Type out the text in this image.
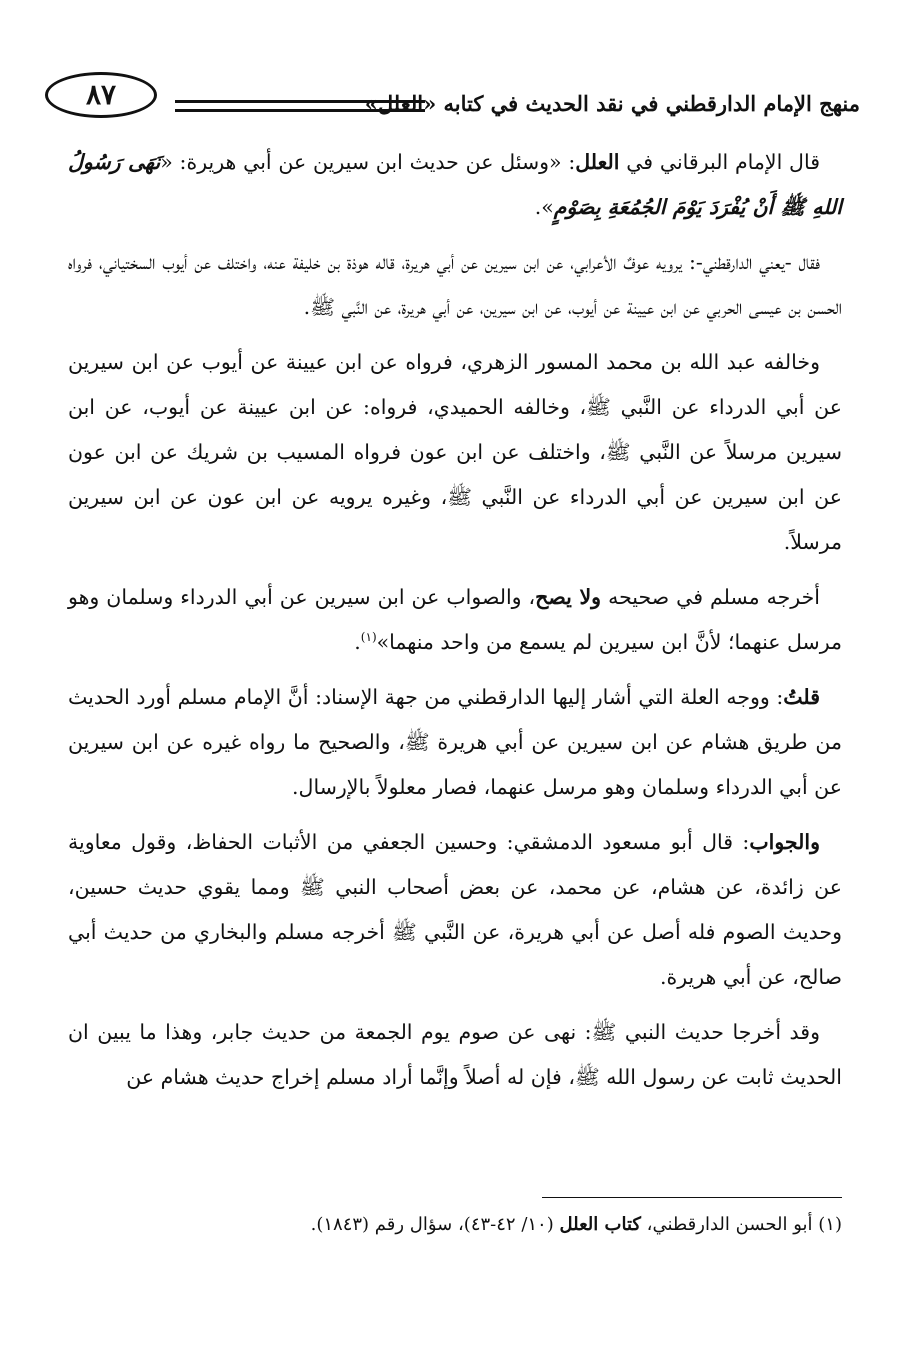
منهج الإمام الدارقطني في نقد الحديث في كتابه «العلل»
٨٧

قال الإمام البرقاني في العلل: «وسئل عن حديث ابن سيرين عن أبي هريرة: «نَهَى رَسُولُ اللهِ ﷺ أَنْ يُفْرَدَ يَوْمَ الجُمُعَةِ بِصَوْمٍ».

فقال -يعني الدارقطني-: يرويه عوفٌ الأعرابي، عن ابن سيرين عن أبي هريرة، قاله هوذة بن خليفة عنه، واختلف عن أيوب السختياني، فرواه الحسن بن عيسى الحربي عن ابن عيينة عن أيوب، عن ابن سيرين، عن أبي هريرة، عن النَّبي ﷺ.

وخالفه عبد الله بن محمد المسور الزهري، فرواه عن ابن عيينة عن أيوب عن ابن سيرين عن أبي الدرداء عن النَّبي ﷺ، وخالفه الحميدي، فرواه: عن ابن عيينة عن أيوب، عن ابن سيرين مرسلاً عن النَّبي ﷺ، واختلف عن ابن عون فرواه المسيب بن شريك عن ابن عون عن ابن سيرين عن أبي الدرداء عن النَّبي ﷺ، وغيره يرويه عن ابن عون عن ابن سيرين مرسلاً.

أخرجه مسلم في صحيحه ولا يصح، والصواب عن ابن سيرين عن أبي الدرداء وسلمان وهو مرسل عنهما؛ لأنَّ ابن سيرين لم يسمع من واحد منهما»$^{(١)}$.

قلتُ: ووجه العلة التي أشار إليها الدارقطني من جهة الإسناد: أنَّ الإمام مسلم أورد الحديث من طريق هشام عن ابن سيرين عن أبي هريرة ﷺ، والصحيح ما رواه غيره عن ابن سيرين عن أبي الدرداء وسلمان وهو مرسل عنهما، فصار معلولاً بالإرسال.

والجواب: قال أبو مسعود الدمشقي: وحسين الجعفي من الأثبات الحفاظ، وقول معاوية عن زائدة، عن هشام، عن محمد، عن بعض أصحاب النبي ﷺ ومما يقوي حديث حسين، وحديث الصوم فله أصل عن أبي هريرة، عن النَّبي ﷺ أخرجه مسلم والبخاري من حديث أبي صالح، عن أبي هريرة.

وقد أخرجا حديث النبي ﷺ: نهى عن صوم يوم الجمعة من حديث جابر، وهذا ما يبين ان الحديث ثابت عن رسول الله ﷺ، فإن له أصلاً وإنَّما أراد مسلم إخراج حديث هشام عن

(١) أبو الحسن الدارقطني، كتاب العلل (١٠/ ٤٢-٤٣)، سؤال رقم (١٨٤٣).
